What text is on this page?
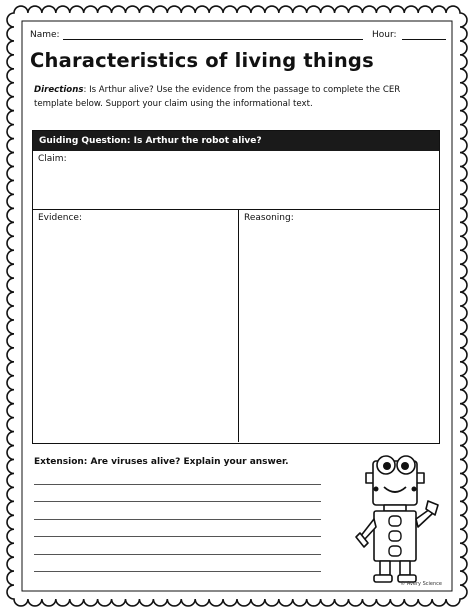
Name:	Hour:
Characteristics of living things
Directions: Is Arthur alive? Use the evidence from the passage to complete the CER template below. Support your claim using the informational text.
Guiding Question: Is Arthur the robot alive?
Claim:
Evidence:	Reasoning:
Extension: Are viruses alive? Explain your answer.
© Avery Science
